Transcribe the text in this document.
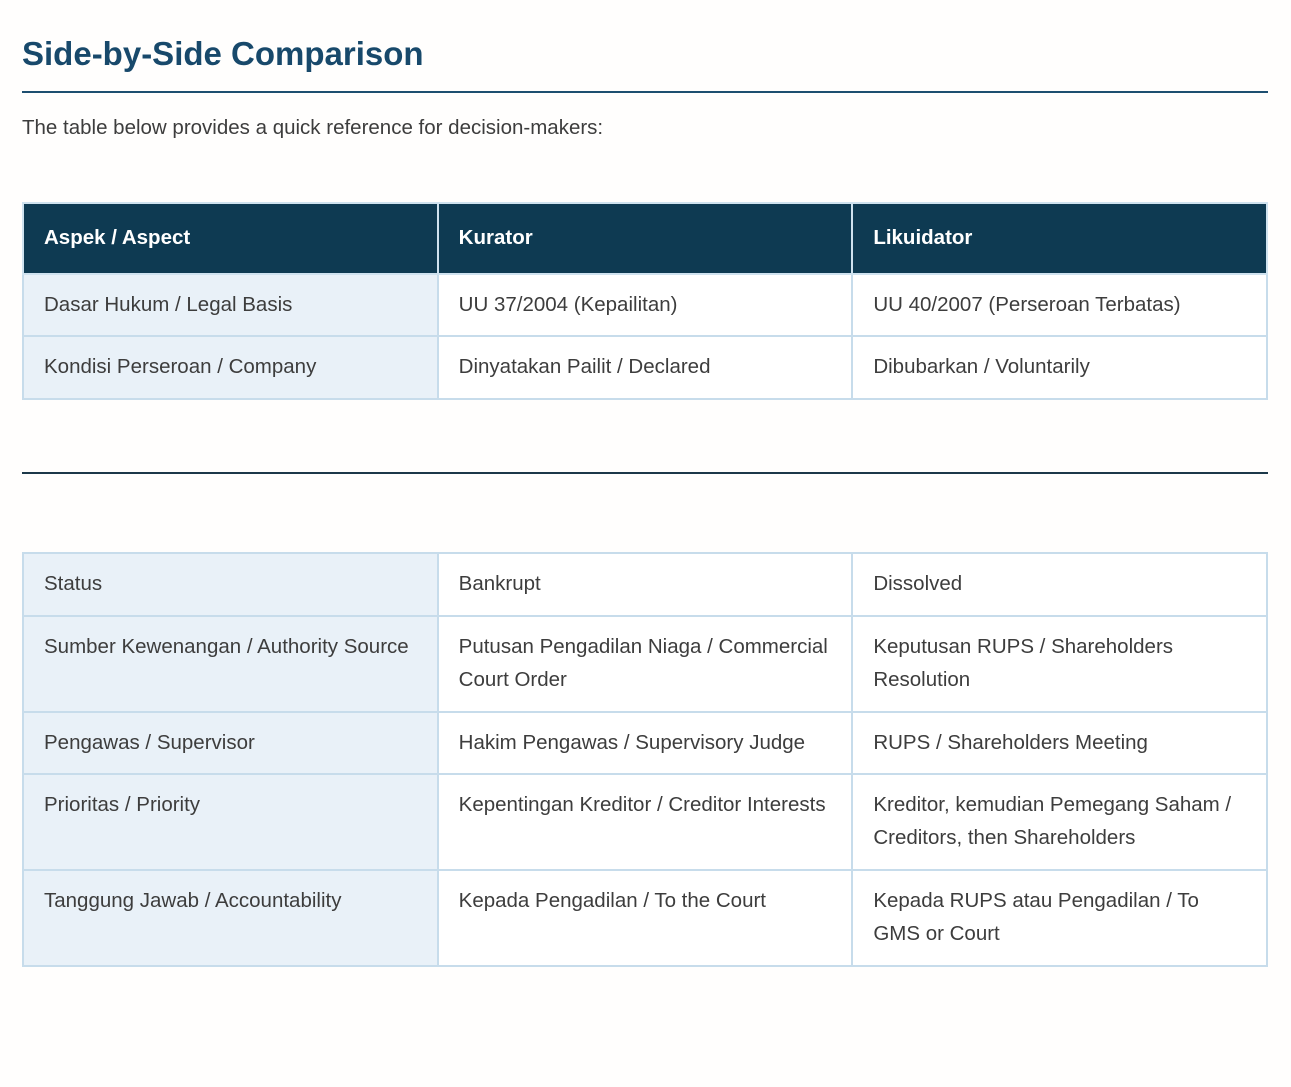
Side-by-Side Comparison

The table below provides a quick reference for decision-makers:

Aspek / Aspect	Kurator	Likuidator
Dasar Hukum / Legal Basis	UU 37/2004 (Kepailitan)	UU 40/2007 (Perseroan Terbatas)
Kondisi Perseroan / Company	Dinyatakan Pailit / Declared	Dibubarkan / Voluntarily
Status	Bankrupt	Dissolved
Sumber Kewenangan / Authority Source	Putusan Pengadilan Niaga / Commercial Court Order	Keputusan RUPS / Shareholders Resolution
Pengawas / Supervisor	Hakim Pengawas / Supervisory Judge	RUPS / Shareholders Meeting
Prioritas / Priority	Kepentingan Kreditor / Creditor Interests	Kreditor, kemudian Pemegang Saham / Creditors, then Shareholders
Tanggung Jawab / Accountability	Kepada Pengadilan / To the Court	Kepada RUPS atau Pengadilan / To GMS or Court
